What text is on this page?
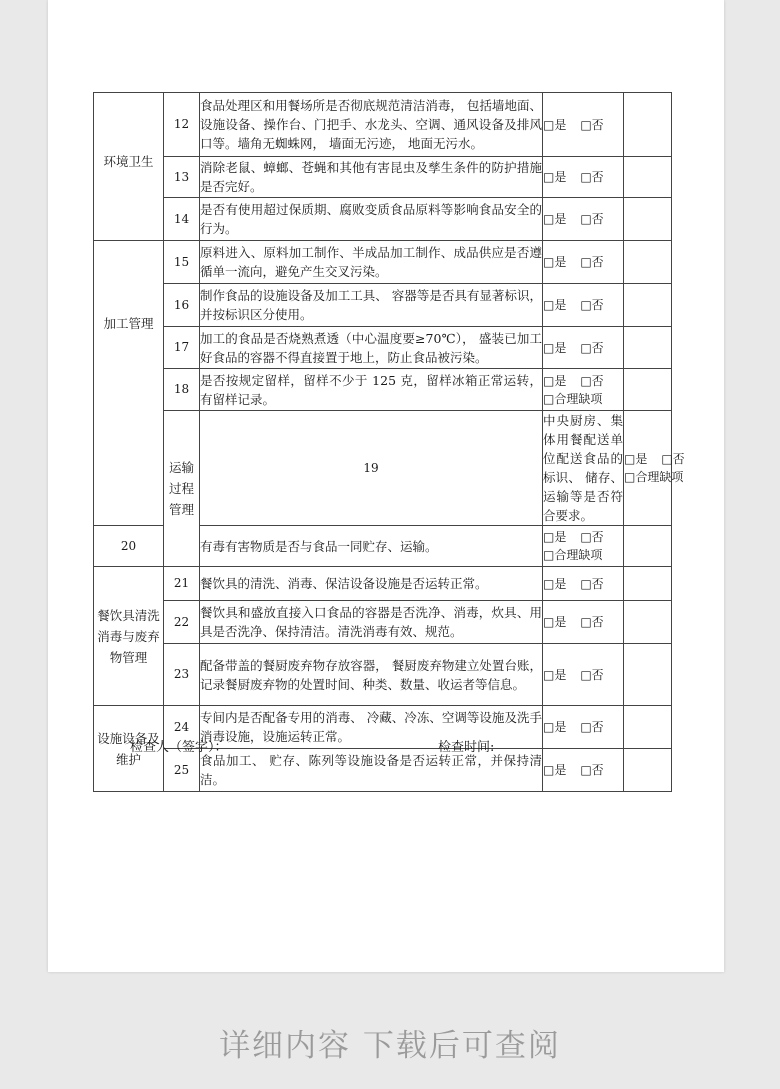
环境卫生	12	食品处理区和用餐场所是否彻底规范清洁消毒， 包括墙地面、设施设备、操作台、门把手、水龙头、空调、通风设备及排风口等。墙角无蜘蛛网， 墙面无污迹， 地面无污水。	□是 □否		

	13	消除老鼠、蟑螂、苍蝇和其他有害昆虫及孳生条件的防护措施是否完好。	□是 □否		

	14	是否有使用超过保质期、腐败变质食品原料等影响食品安全的行为。	□是 □否		

加工管理	15	原料进入、原料加工制作、半成品加工制作、成品供应是否遵循单一流向，避免产生交叉污染。	□是 □否		

	16	制作食品的设施设备及加工工具、 容器等是否具有显著标识， 并按标识区分使用。	□是 □否		

	17	加工的食品是否烧熟煮透（中心温度要≥70℃）， 盛装已加工好食品的容器不得直接置于地上，防止食品被污染。	□是 □否		

	18	是否按规定留样，留样不少于 125 克，留样冰箱正常运转，有留样记录。	□是 □否
□合理缺项		

	运输过程管理	19	中央厨房、集体用餐配送单位配送食品的标识、 储存、运输等是否符合要求。	□是 □否
□合理缺项	

20		有毒有害物质是否与食品一同贮存、运输。	□是 □否
□合理缺项		

餐饮具清洗消毒与废弃物管理	21	餐饮具的清洗、消毒、保洁设备设施是否运转正常。	□是 □否		

	22	餐饮具和盛放直接入口食品的容器是否洗净、消毒，炊具、用具是否洗净、保持清洁。清洗消毒有效、规范。	□是 □否		

	23	配备带盖的餐厨废弃物存放容器， 餐厨废弃物建立处置台账，记录餐厨废弃物的处置时间、种类、数量、收运者等信息。	□是 □否		

设施设备及维护	24	专间内是否配备专用的消毒、 冷藏、冷冻、空调等设施及洗手消毒设施，设施运转正常。	□是 □否		

	25	食品加工、 贮存、陈列等设施设备是否运转正常，并保持清洁。	□是 □否		

检查人（签字）：	检查时间:
详细内容 下载后可查阅
